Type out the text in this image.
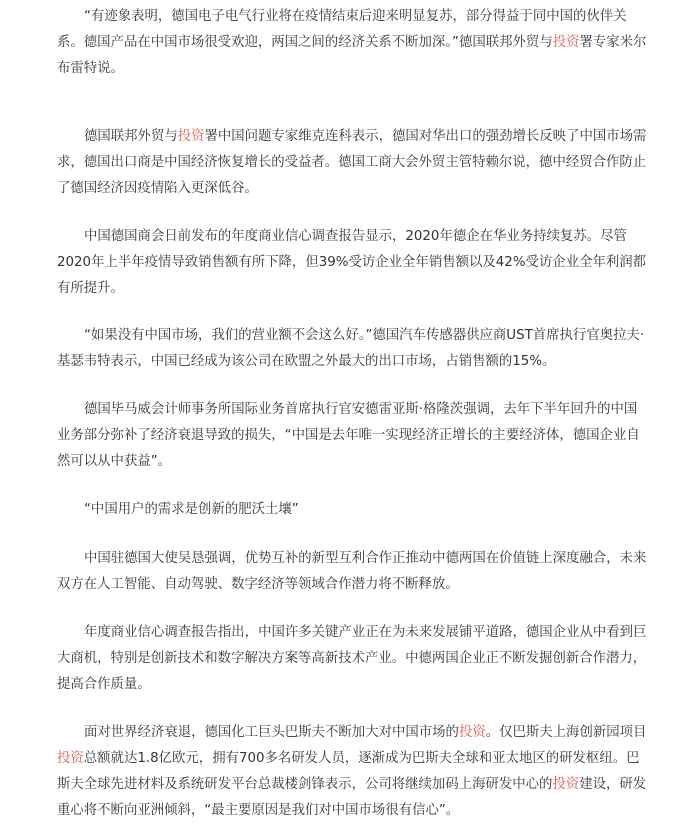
“有迹象表明，德国电子电气行业将在疫情结束后迎来明显复苏，部分得益于同中国的伙伴关系。德国产品在中国市场很受欢迎，两国之间的经济关系不断加深。”德国联邦外贸与投资署专家米尔布雷特说。

德国联邦外贸与投资署中国问题专家维克连科表示，德国对华出口的强劲增长反映了中国市场需求，德国出口商是中国经济恢复增长的受益者。德国工商大会外贸主管特赖尔说，德中经贸合作防止了德国经济因疫情陷入更深低谷。

中国德国商会日前发布的年度商业信心调查报告显示，2020年德企在华业务持续复苏。尽管2020年上半年疫情导致销售额有所下降，但39%受访企业全年销售额以及42%受访企业全年利润都有所提升。

“如果没有中国市场，我们的营业额不会这么好。”德国汽车传感器供应商UST首席执行官奥拉夫·基瑟韦特表示，中国已经成为该公司在欧盟之外最大的出口市场，占销售额的15%。

德国毕马威会计师事务所国际业务首席执行官安德雷亚斯·格隆茨强调，去年下半年回升的中国业务部分弥补了经济衰退导致的损失，“中国是去年唯一实现经济正增长的主要经济体，德国企业自然可以从中获益”。

“中国用户的需求是创新的肥沃土壤”

中国驻德国大使吴恳强调，优势互补的新型互利合作正推动中德两国在价值链上深度融合，未来双方在人工智能、自动驾驶、数字经济等领域合作潜力将不断释放。

年度商业信心调查报告指出，中国许多关键产业正在为未来发展铺平道路，德国企业从中看到巨大商机，特别是创新技术和数字解决方案等高新技术产业。中德两国企业正不断发掘创新合作潜力，提高合作质量。

面对世界经济衰退，德国化工巨头巴斯夫不断加大对中国市场的投资。仅巴斯夫上海创新园项目投资总额就达1.8亿欧元，拥有700多名研发人员，逐渐成为巴斯夫全球和亚太地区的研发枢纽。巴斯夫全球先进材料及系统研发平台总裁楼剑锋表示，公司将继续加码上海研发中心的投资建设，研发重心将不断向亚洲倾斜，“最主要原因是我们对中国市场很有信心”。
